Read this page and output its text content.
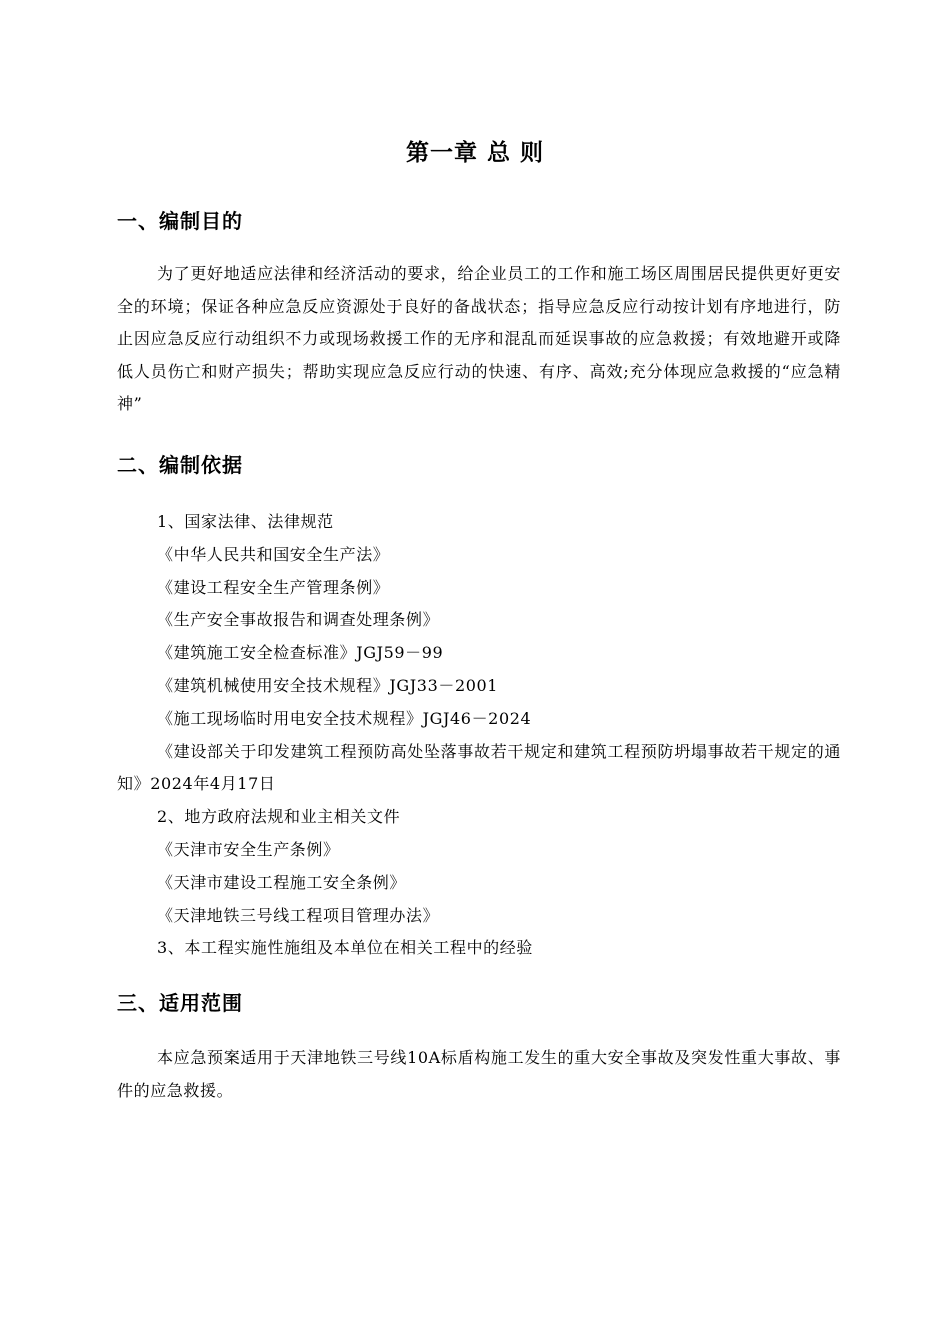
第一章 总 则
一、编制目的

为了更好地适应法律和经济活动的要求，给企业员工的工作和施工场区周围居民提供更好更安全的环境；保证各种应急反应资源处于良好的备战状态；指导应急反应行动按计划有序地进行，防止因应急反应行动组织不力或现场救援工作的无序和混乱而延误事故的应急救援；有效地避开或降低人员伤亡和财产损失；帮助实现应急反应行动的快速、有序、高效;充分体现应急救援的“应急精神”

二、编制依据
1、国家法律、法律规范
《中华人民共和国安全生产法》
《建设工程安全生产管理条例》
《生产安全事故报告和调查处理条例》
《建筑施工安全检查标准》JGJ59－99
《建筑机械使用安全技术规程》JGJ33－2001
《施工现场临时用电安全技术规程》JGJ46－2024
《建设部关于印发建筑工程预防高处坠落事故若干规定和建筑工程预防坍塌事故若干规定的通知》2024年4月17日
2、地方政府法规和业主相关文件
《天津市安全生产条例》
《天津市建设工程施工安全条例》
《天津地铁三号线工程项目管理办法》
3、本工程实施性施组及本单位在相关工程中的经验
三、适用范围

本应急预案适用于天津地铁三号线10A标盾构施工发生的重大安全事故及突发性重大事故、事件的应急救援。
